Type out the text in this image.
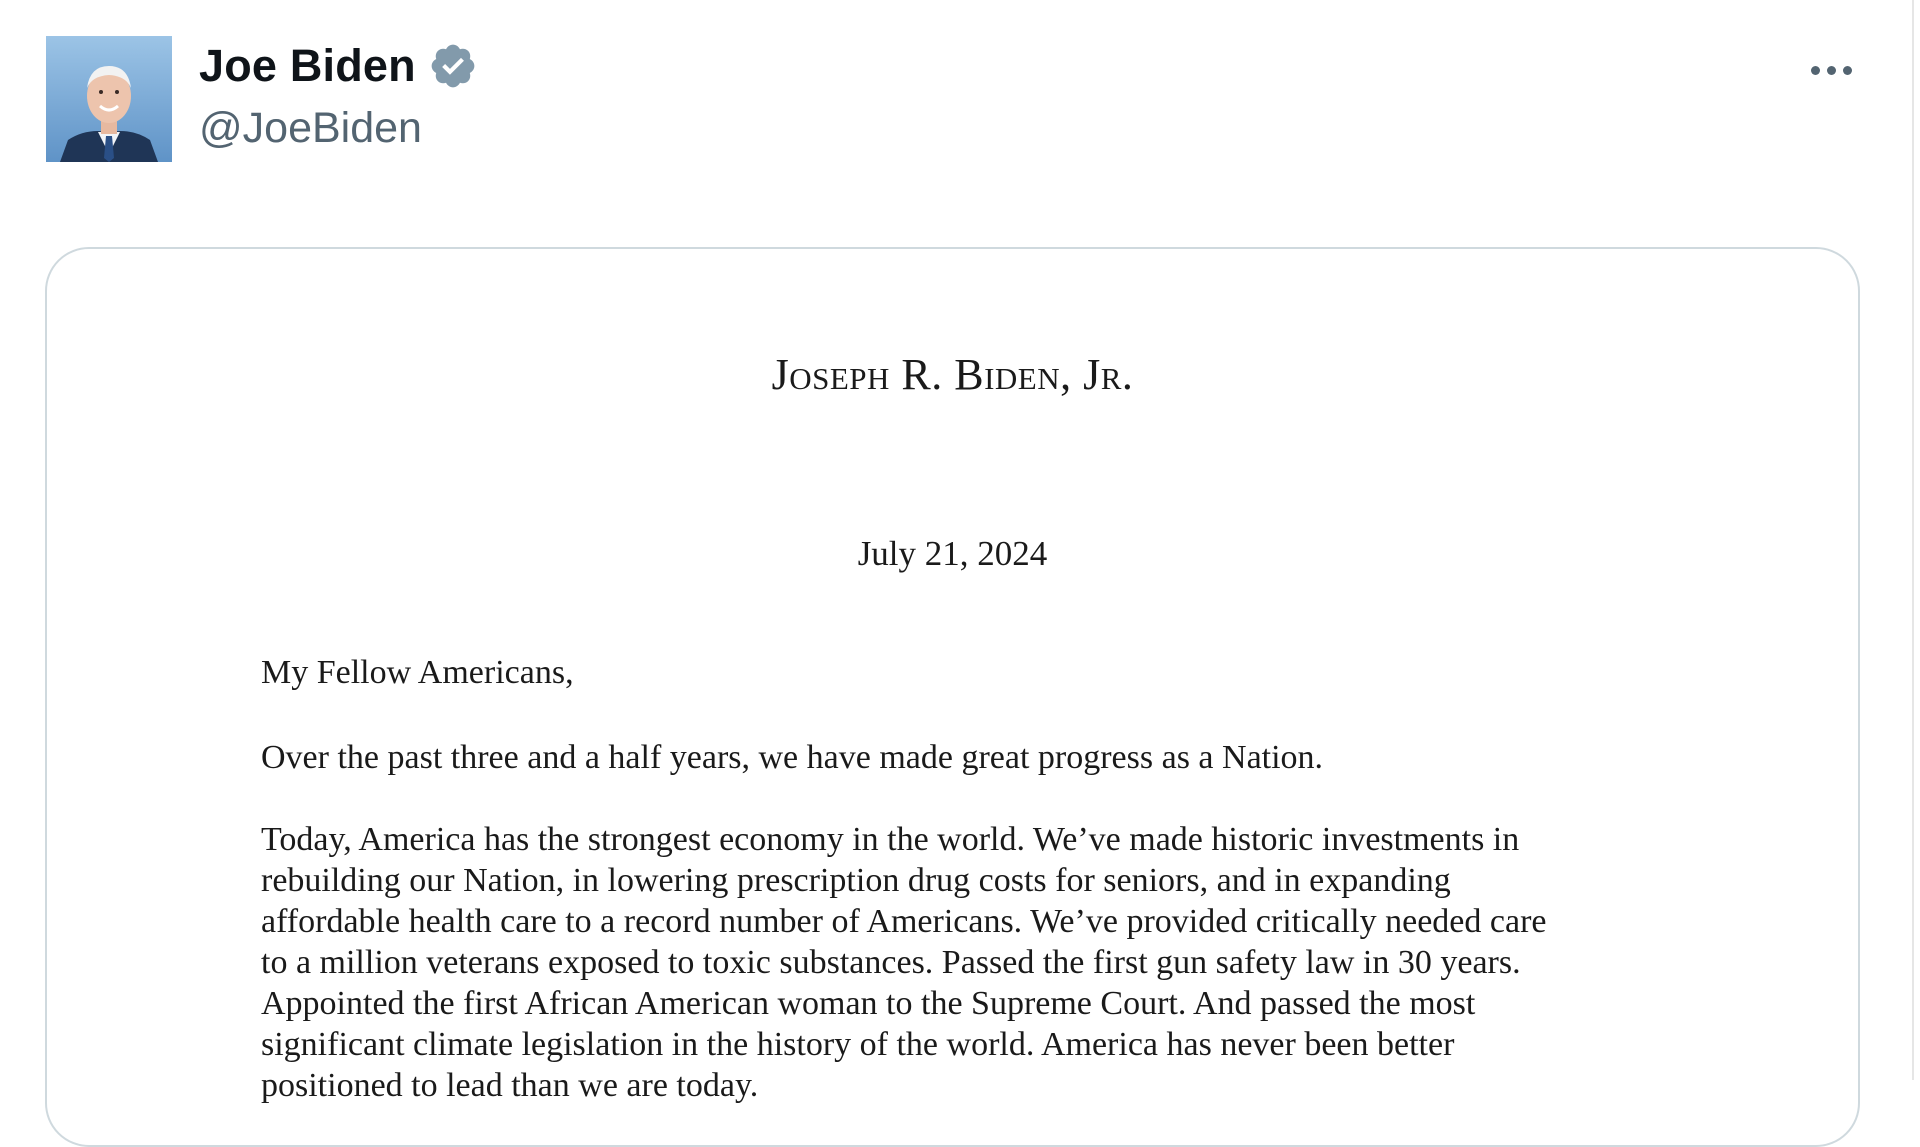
Joe Biden
@JoeBiden
Joseph R. Biden, Jr.
July 21, 2024
My Fellow Americans,

Over the past three and a half years, we have made great progress as a Nation.

Today, America has the strongest economy in the world. We’ve made historic investments in
rebuilding our Nation, in lowering prescription drug costs for seniors, and in expanding
affordable health care to a record number of Americans. We’ve provided critically needed care
to a million veterans exposed to toxic substances. Passed the first gun safety law in 30 years.
Appointed the first African American woman to the Supreme Court. And passed the most
significant climate legislation in the history of the world. America has never been better
positioned to lead than we are today.
